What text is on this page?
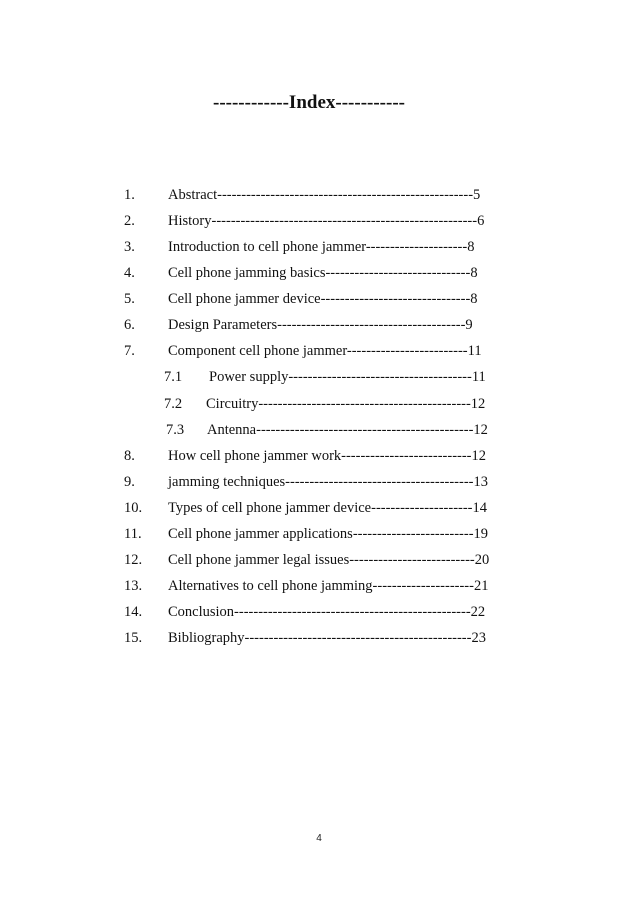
------------Index-----------
1. Abstract-----------------------------------------------------5
2. History-------------------------------------------------------6
3. Introduction to cell phone jammer---------------------8
4. Cell phone jamming basics------------------------------8
5. Cell phone jammer device-------------------------------8
6. Design Parameters---------------------------------------9
7. Component cell phone jammer-------------------------11
7.1 Power supply--------------------------------------11
7.2 Circuitry--------------------------------------------12
7.3 Antenna---------------------------------------------12
8. How cell phone jammer work---------------------------12
9. jamming techniques---------------------------------------13
10. Types of cell phone jammer device---------------------14
11. Cell phone jammer applications-------------------------19
12. Cell phone jammer legal issues--------------------------20
13. Alternatives to cell phone jamming---------------------21
14. Conclusion-------------------------------------------------22
15. Bibliography-----------------------------------------------23
4
